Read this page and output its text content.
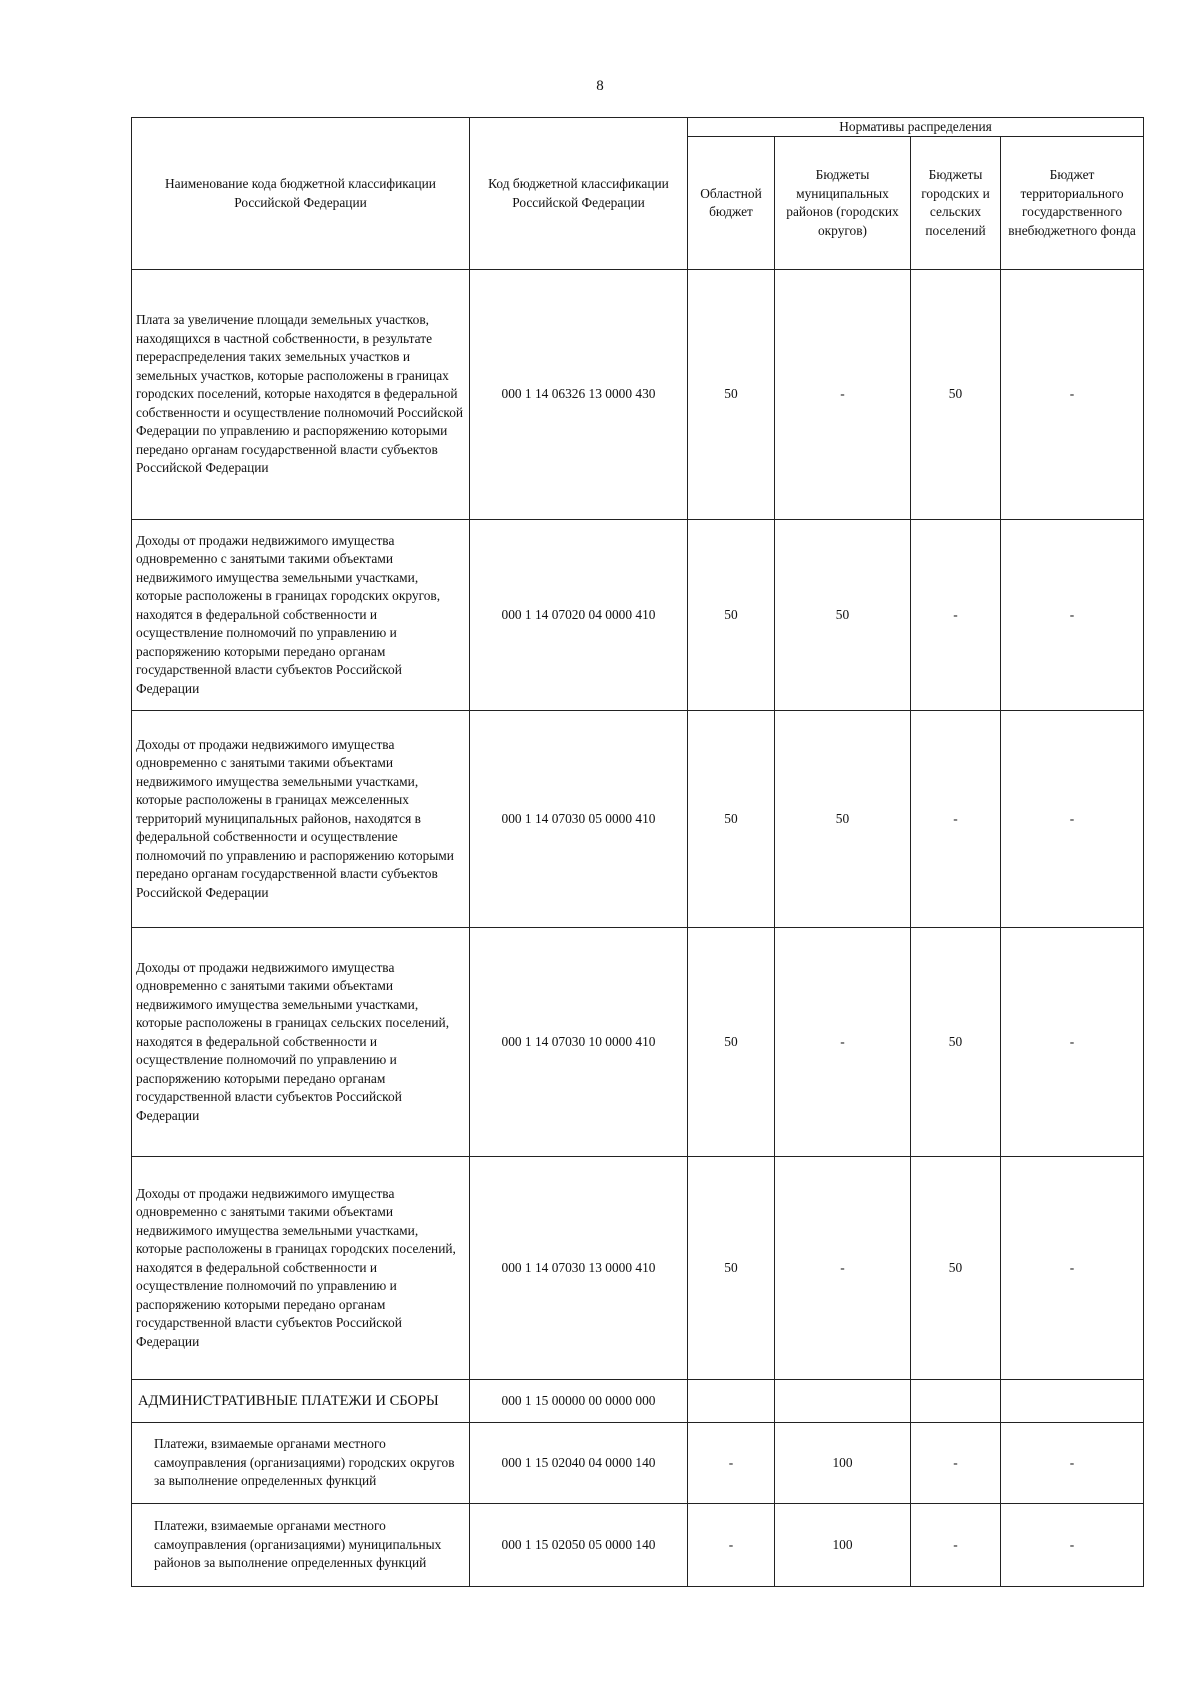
8
Наименование кода бюджетной классификации Российской Федерации	Код бюджетной классификации Российской Федерации	Нормативы распределения			
		Областной бюджет	Бюджеты муниципальных районов (городских округов)	Бюджеты городских и сельских поселений	Бюджет территориального государственного внебюджетного фонда
Плата за увеличение площади земельных участков, находящихся в частной собственности, в результате перераспределения таких земельных участков и земельных участков, которые расположены в границах городских поселений, которые находятся в федеральной собственности и осуществление полномочий Российской Федерации по управлению и распоряжению которыми передано органам государственной власти субъектов Российской Федерации	000 1 14 06326 13 0000 430	50	-	50	-
Доходы от продажи недвижимого имущества одновременно с занятыми такими объектами недвижимого имущества земельными участками, которые расположены в границах городских округов, находятся в федеральной собственности и осуществление полномочий по управлению и распоряжению которыми передано органам государственной власти субъектов Российской Федерации	000 1 14 07020 04 0000 410	50	50	-	-
Доходы от продажи недвижимого имущества одновременно с занятыми такими объектами недвижимого имущества земельными участками, которые расположены в границах межселенных территорий муниципальных районов, находятся в федеральной собственности и осуществление полномочий по управлению и распоряжению которыми передано органам государственной власти субъектов Российской Федерации	000 1 14 07030 05 0000 410	50	50	-	-
Доходы от продажи недвижимого имущества одновременно с занятыми такими объектами недвижимого имущества земельными участками, которые расположены в границах сельских поселений, находятся в федеральной собственности и осуществление полномочий по управлению и распоряжению которыми передано органам государственной власти субъектов Российской Федерации	000 1 14 07030 10 0000 410	50	-	50	-
Доходы от продажи недвижимого имущества одновременно с занятыми такими объектами недвижимого имущества земельными участками, которые расположены в границах городских поселений, находятся в федеральной собственности и осуществление полномочий по управлению и распоряжению которыми передано органам государственной власти субъектов Российской Федерации	000 1 14 07030 13 0000 410	50	-	50	-
АДМИНИСТРАТИВНЫЕ ПЛАТЕЖИ И СБОРЫ	000 1 15 00000 00 0000 000				
Платежи, взимаемые органами местного самоуправления (организациями) городских округов за выполнение определенных функций	000 1 15 02040 04 0000 140	-	100	-	-
Платежи, взимаемые органами местного самоуправления (организациями) муниципальных районов за выполнение определенных функций	000 1 15 02050 05 0000 140	-	100	-	-
